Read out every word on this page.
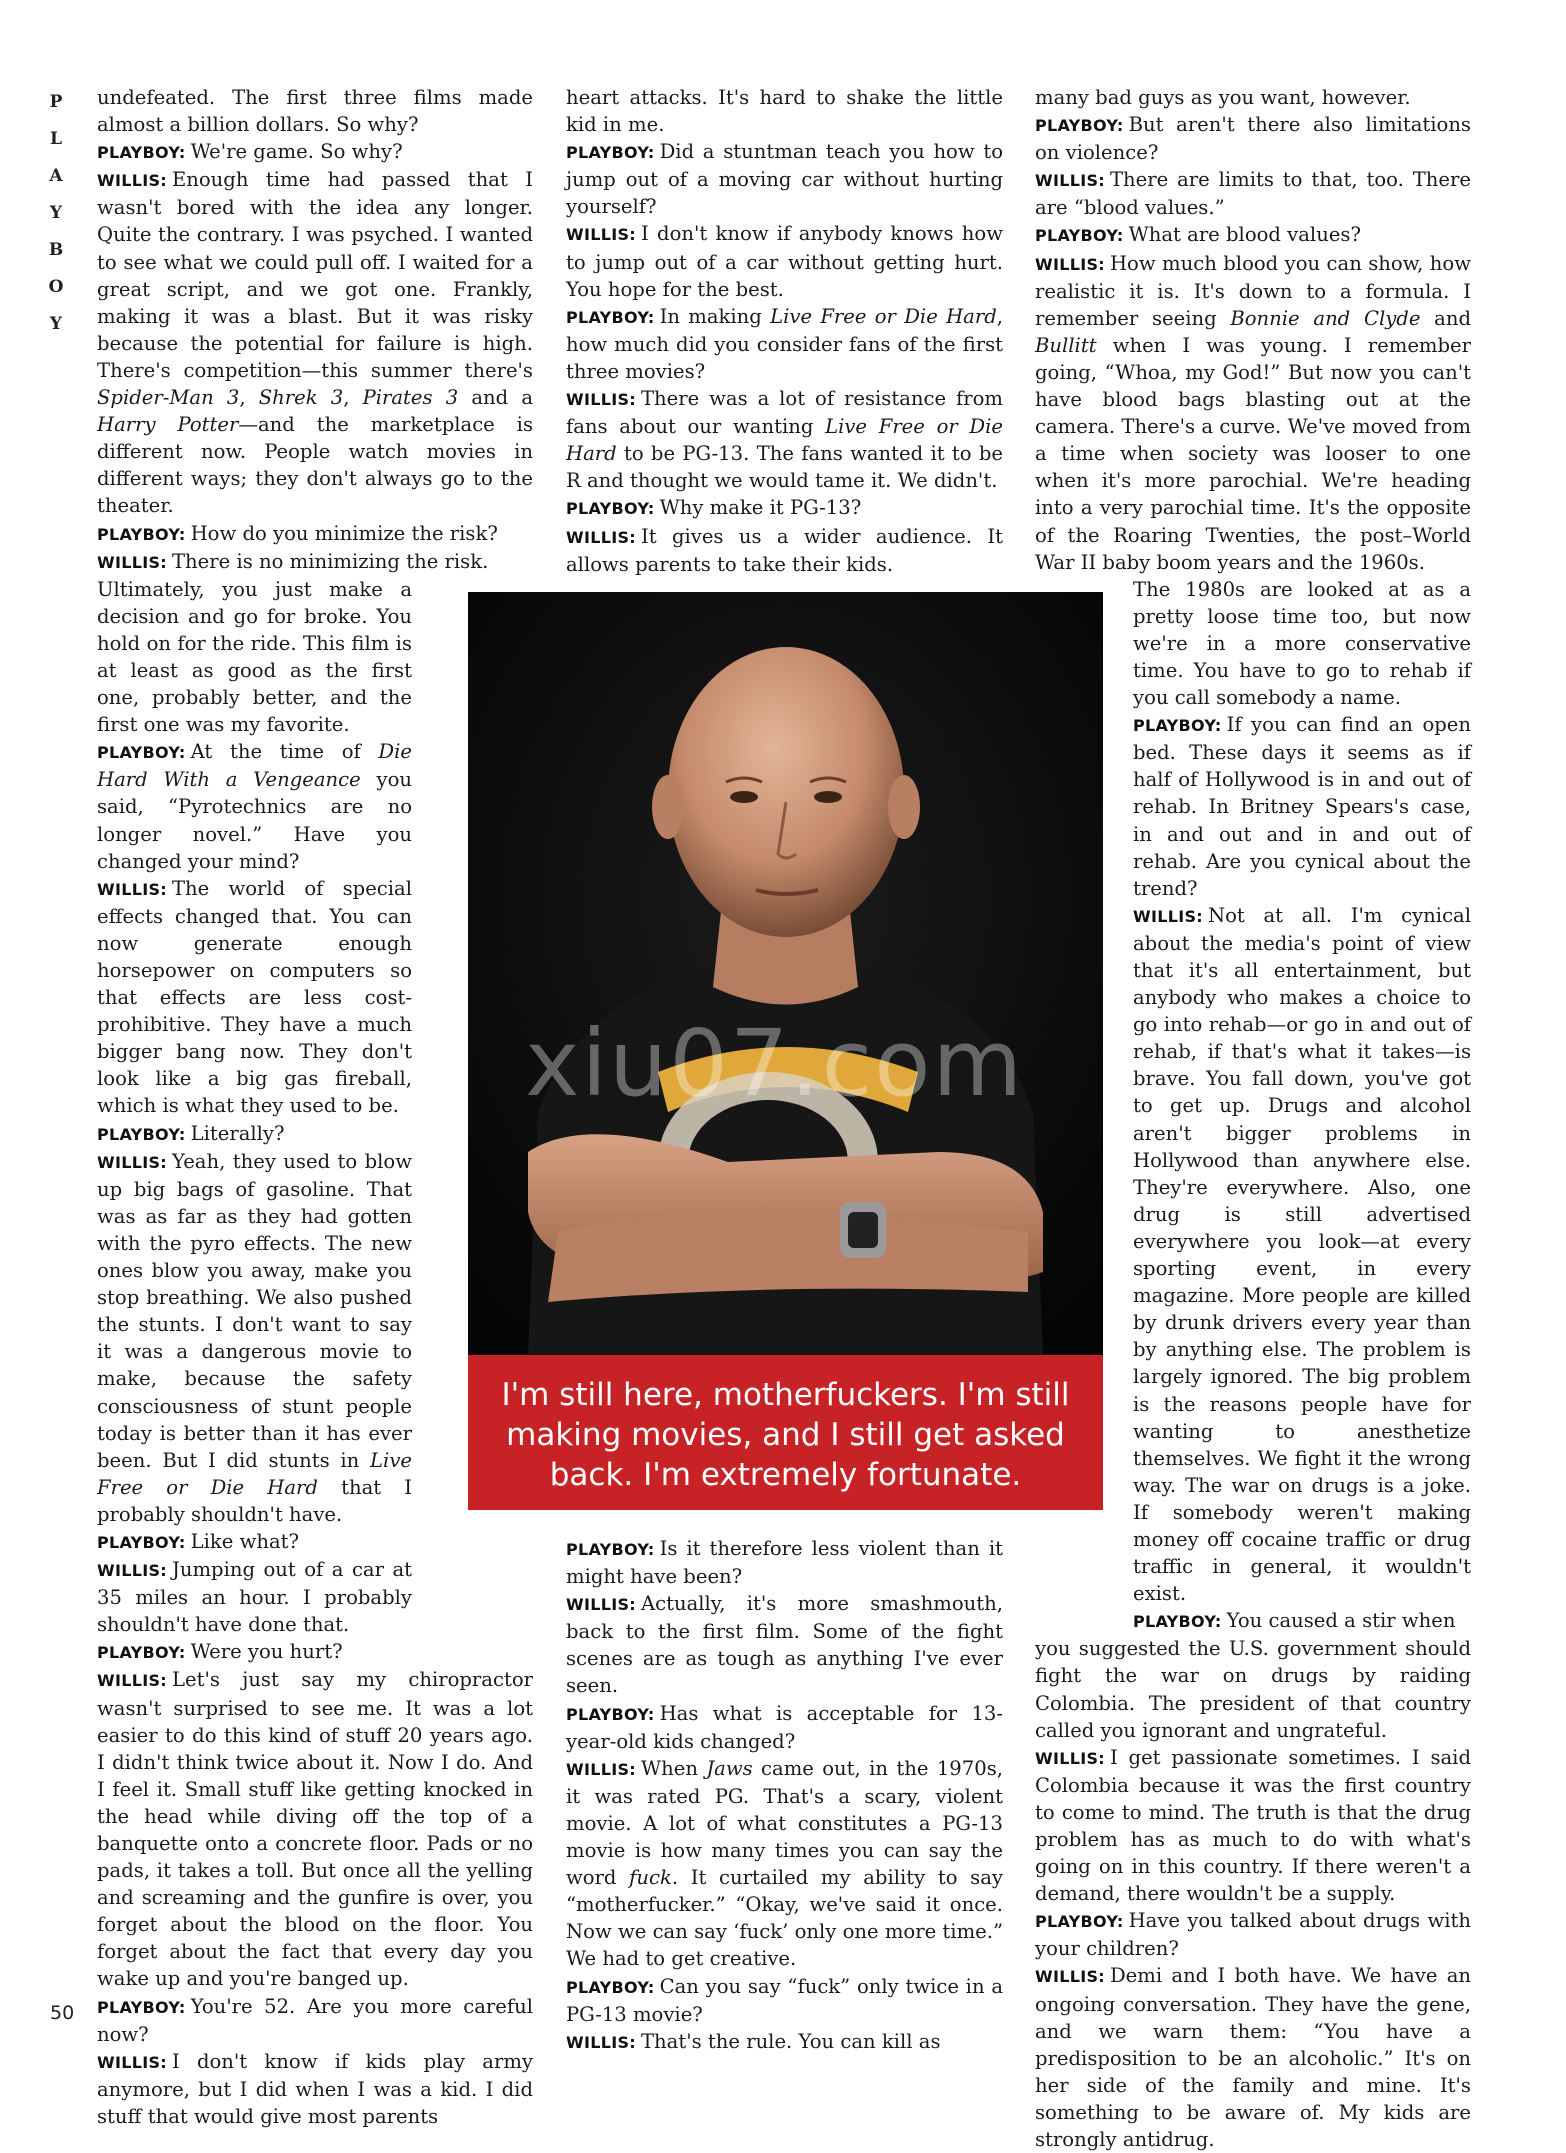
P
L
A
Y
B
O
Y
50

undefeated. The first three films made almost a billion dollars. So why?

PLAYBOY: We're game. So why?

WILLIS: Enough time had passed that I wasn't bored with the idea any longer. Quite the contrary. I was psyched. I wanted to see what we could pull off. I waited for a great script, and we got one. Frankly, making it was a blast. But it was risky because the potential for failure is high. There's competition—this summer there's Spider-Man 3, Shrek 3, Pirates 3 and a Harry Potter—and the marketplace is different now. People watch movies in different ways; they don't always go to the theater.

PLAYBOY: How do you minimize the risk?

WILLIS: There is no minimizing the risk.

Ultimately, you just make a decision and go for broke. You hold on for the ride. This film is at least as good as the first one, probably better, and the first one was my favorite.

PLAYBOY: At the time of Die Hard With a Vengeance you said, “Pyrotechnics are no longer novel.” Have you changed your mind?

WILLIS: The world of special effects changed that. You can now generate enough horsepower on computers so that effects are less cost-prohibitive. They have a much bigger bang now. They don't look like a big gas fireball, which is what they used to be.

PLAYBOY: Literally?

WILLIS: Yeah, they used to blow up big bags of gasoline. That was as far as they had gotten with the pyro effects. The new ones blow you away, make you stop breathing. We also pushed the stunts. I don't want to say it was a dangerous movie to make, because the safety consciousness of stunt people today is better than it has ever been. But I did stunts in Live Free or Die Hard that I probably shouldn't have.

PLAYBOY: Like what?

WILLIS: Jumping out of a car at 35 miles an hour. I probably shouldn't have done that.

PLAYBOY: Were you hurt?

WILLIS: Let's just say my chiropractor wasn't surprised to see me. It was a lot easier to do this kind of stuff 20 years ago. I didn't think twice about it. Now I do. And I feel it. Small stuff like getting knocked in the head while diving off the top of a banquette onto a concrete floor. Pads or no pads, it takes a toll. But once all the yelling and screaming and the gunfire is over, you forget about the blood on the floor. You forget about the fact that every day you wake up and you're banged up.

PLAYBOY: You're 52. Are you more careful now?

WILLIS: I don't know if kids play army anymore, but I did when I was a kid. I did stuff that would give most parents

heart attacks. It's hard to shake the little kid in me.

PLAYBOY: Did a stuntman teach you how to jump out of a moving car without hurting yourself?

WILLIS: I don't know if anybody knows how to jump out of a car without getting hurt. You hope for the best.

PLAYBOY: In making Live Free or Die Hard, how much did you consider fans of the first three movies?

WILLIS: There was a lot of resistance from fans about our wanting Live Free or Die Hard to be PG-13. The fans wanted it to be R and thought we would tame it. We didn't.

PLAYBOY: Why make it PG-13?

WILLIS: It gives us a wider audience. It allows parents to take their kids.

PLAYBOY: Is it therefore less violent than it might have been?

WILLIS: Actually, it's more smashmouth, back to the first film. Some of the fight scenes are as tough as anything I've ever seen.

PLAYBOY: Has what is acceptable for 13-year-old kids changed?

WILLIS: When Jaws came out, in the 1970s, it was rated PG. That's a scary, violent movie. A lot of what constitutes a PG-13 movie is how many times you can say the word fuck. It curtailed my ability to say “motherfucker.” “Okay, we've said it once. Now we can say ‘fuck’ only one more time.” We had to get creative.

PLAYBOY: Can you say “fuck” only twice in a PG-13 movie?

WILLIS: That's the rule. You can kill as

many bad guys as you want, however.

PLAYBOY: But aren't there also limitations on violence?

WILLIS: There are limits to that, too. There are “blood values.”

PLAYBOY: What are blood values?

WILLIS: How much blood you can show, how realistic it is. It's down to a formula. I remember seeing Bonnie and Clyde and Bullitt when I was young. I remember going, “Whoa, my God!” But now you can't have blood bags blasting out at the camera. There's a curve. We've moved from a time when society was looser to one when it's more parochial. We're heading into a very parochial time. It's the opposite of the Roaring Twenties, the post–World War II baby boom years and the 1960s.

The 1980s are looked at as a pretty loose time too, but now we're in a more conservative time. You have to go to rehab if you call somebody a name.

PLAYBOY: If you can find an open bed. These days it seems as if half of Hollywood is in and out of rehab. In Britney Spears's case, in and out and in and out of rehab. Are you cynical about the trend?

WILLIS: Not at all. I'm cynical about the media's point of view that it's all entertainment, but anybody who makes a choice to go into rehab—or go in and out of rehab, if that's what it takes—is brave. You fall down, you've got to get up. Drugs and alcohol aren't bigger problems in Hollywood than anywhere else. They're everywhere. Also, one drug is still advertised everywhere you look—at every sporting event, in every magazine. More people are killed by drunk drivers every year than by anything else. The problem is largely ignored. The big problem is the reasons people have for wanting to anesthetize themselves. We fight it the wrong way. The war on drugs is a joke. If somebody weren't making money off cocaine traffic or drug traffic in general, it wouldn't exist.

PLAYBOY: You caused a stir when

you suggested the U.S. government should fight the war on drugs by raiding Colombia. The president of that country called you ignorant and ungrateful.

WILLIS: I get passionate sometimes. I said Colombia because it was the first country to come to mind. The truth is that the drug problem has as much to do with what's going on in this country. If there weren't a demand, there wouldn't be a supply.

PLAYBOY: Have you talked about drugs with your children?

WILLIS: Demi and I both have. We have an ongoing conversation. They have the gene, and we warn them: “You have a predisposition to be an alcoholic.” It's on her side of the family and mine. It's something to be aware of. My kids are strongly antidrug.

xiu07.com
I'm still here, motherfuckers. I'm still making movies, and I still get asked back. I'm extremely fortunate.
